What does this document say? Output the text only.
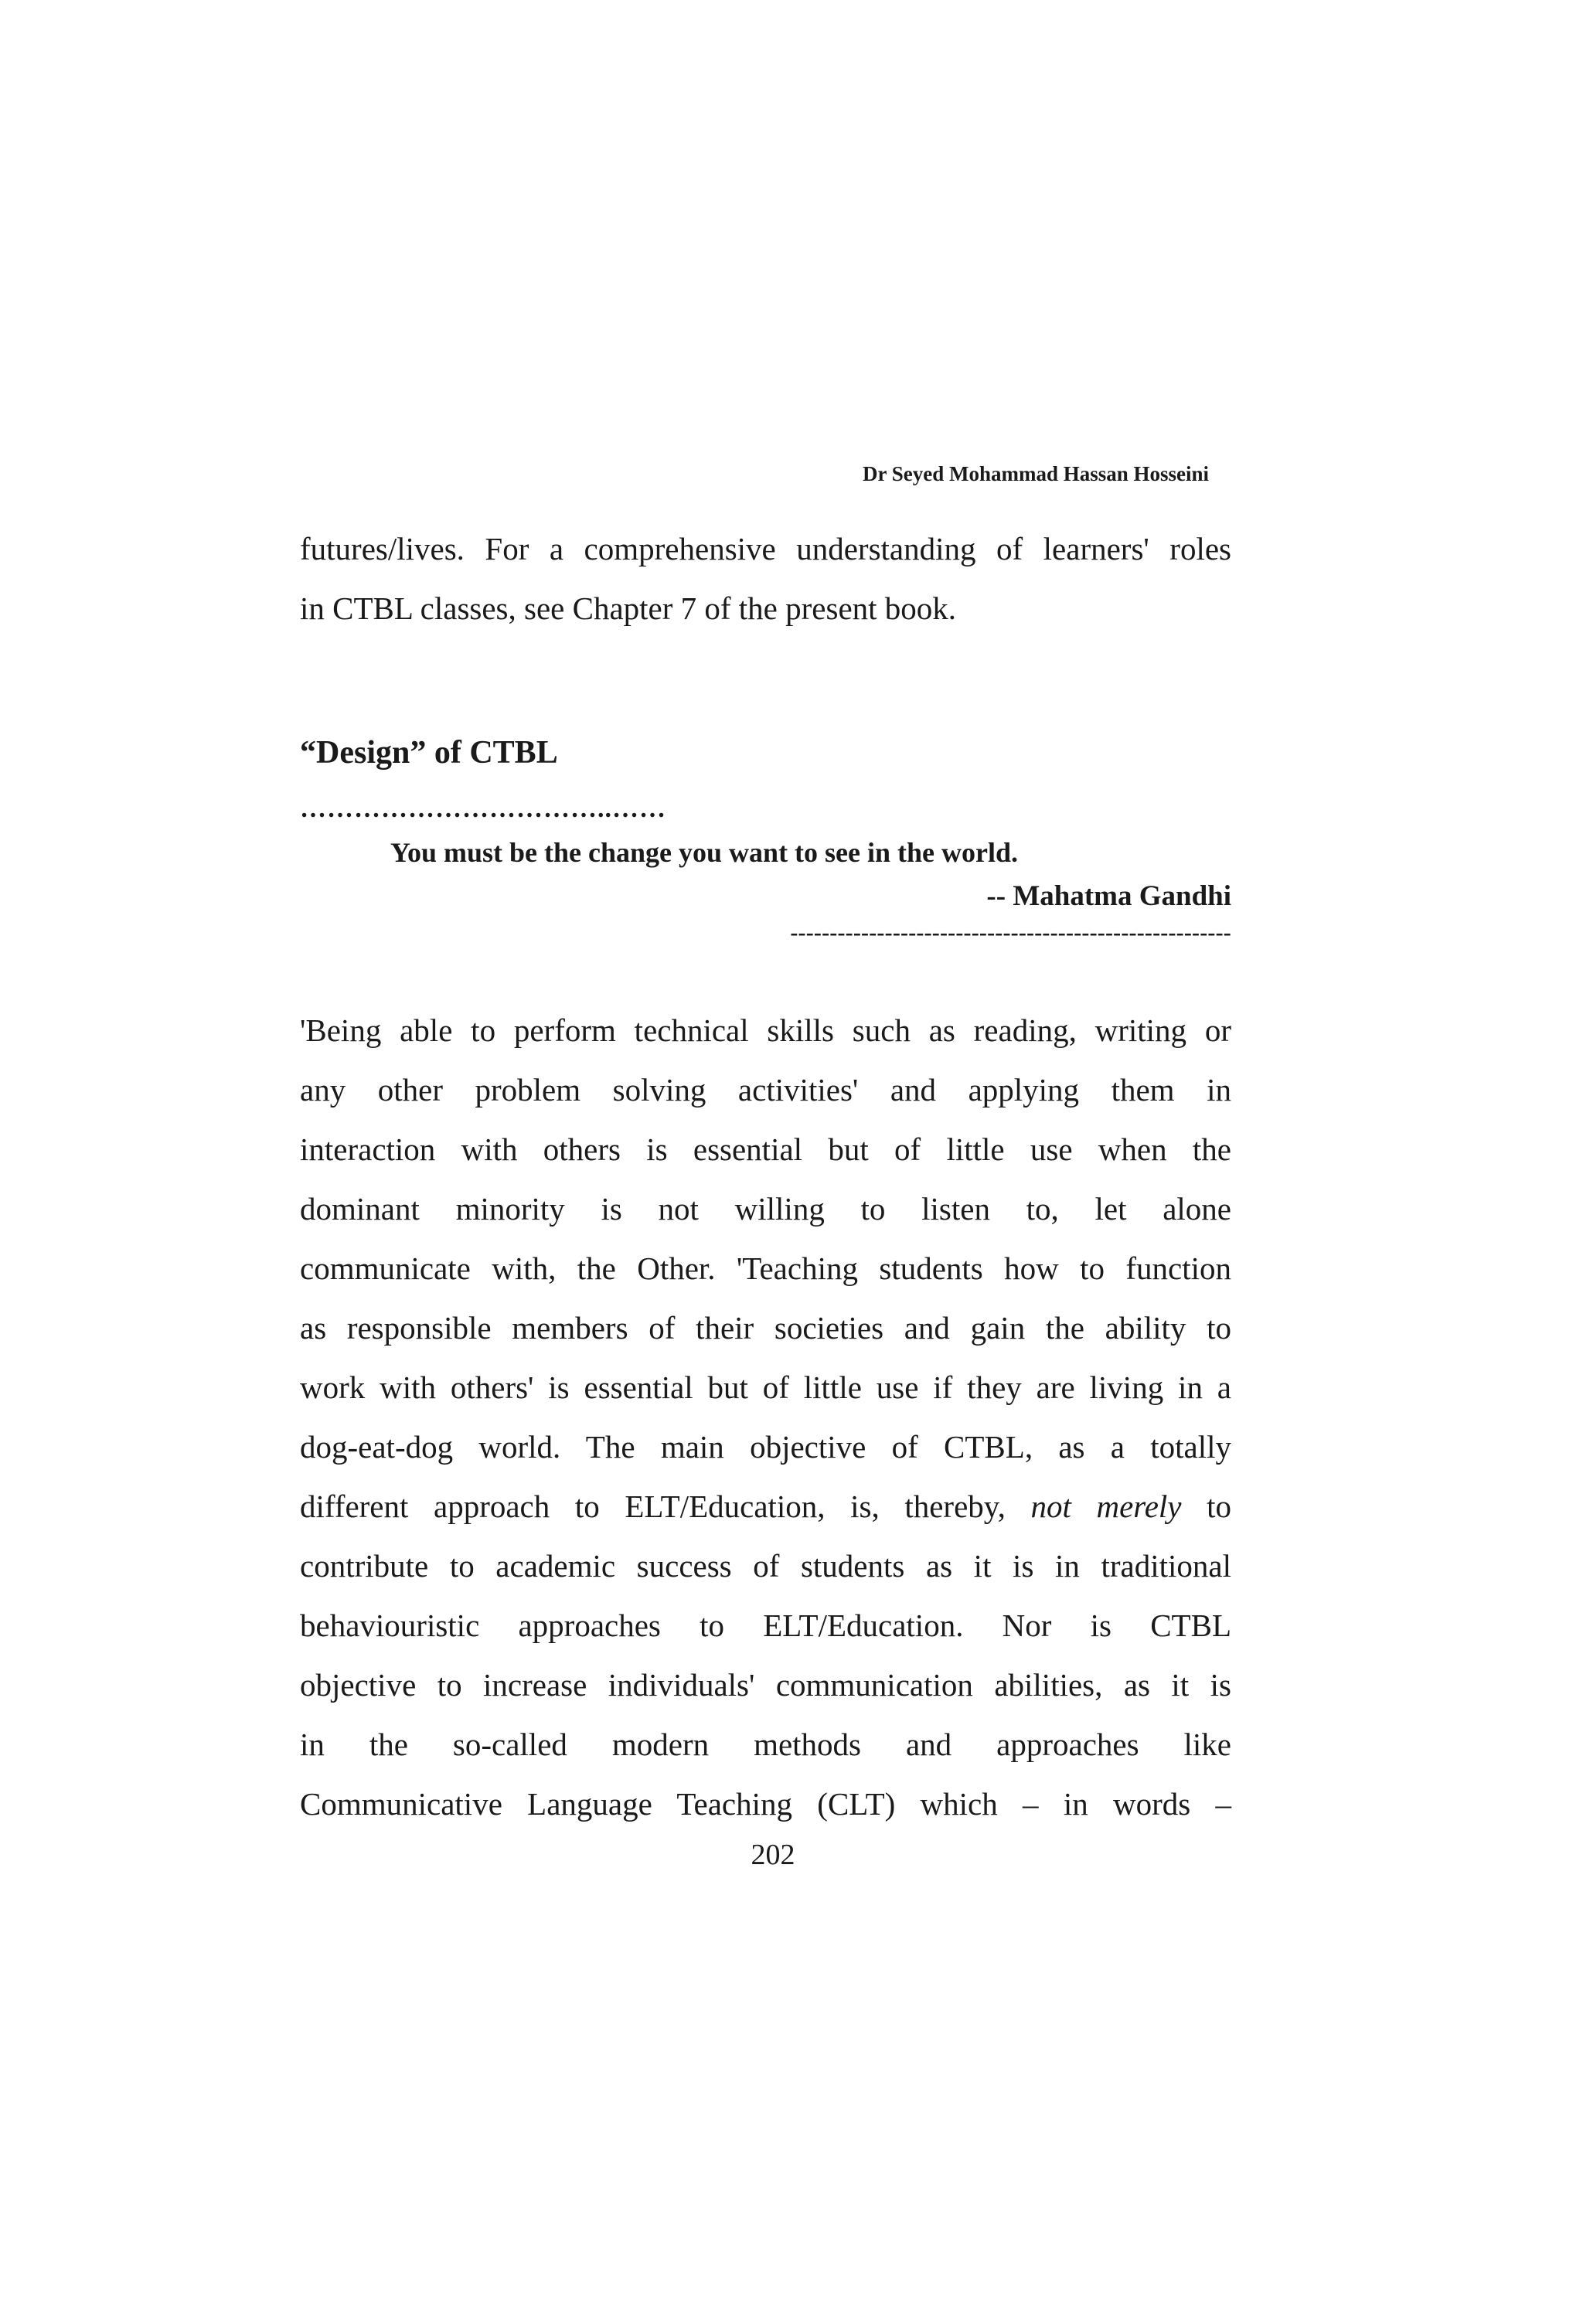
Dr Seyed Mohammad Hassan Hosseini
futures/lives. For a comprehensive understanding of learners' roles
in CTBL classes, see Chapter 7 of the present book.
“Design” of CTBL
……………………………..……
You must be the change you want to see in the world.
-- Mahatma Gandhi
--------------------------------------------------------
'Being able to perform technical skills such as reading, writing or
any other problem solving activities' and applying them in
interaction with others is essential but of little use when the
dominant minority is not willing to listen to, let alone
communicate with, the Other. 'Teaching students how to function
as responsible members of their societies and gain the ability to
work with others' is essential but of little use if they are living in a
dog-eat-dog world. The main objective of CTBL, as a totally
different approach to ELT/Education, is, thereby, not merely to
contribute to academic success of students as it is in traditional
behaviouristic approaches to ELT/Education. Nor is CTBL
objective to increase individuals' communication abilities, as it is
in the so-called modern methods and approaches like
Communicative Language Teaching (CLT) which – in words –
202
